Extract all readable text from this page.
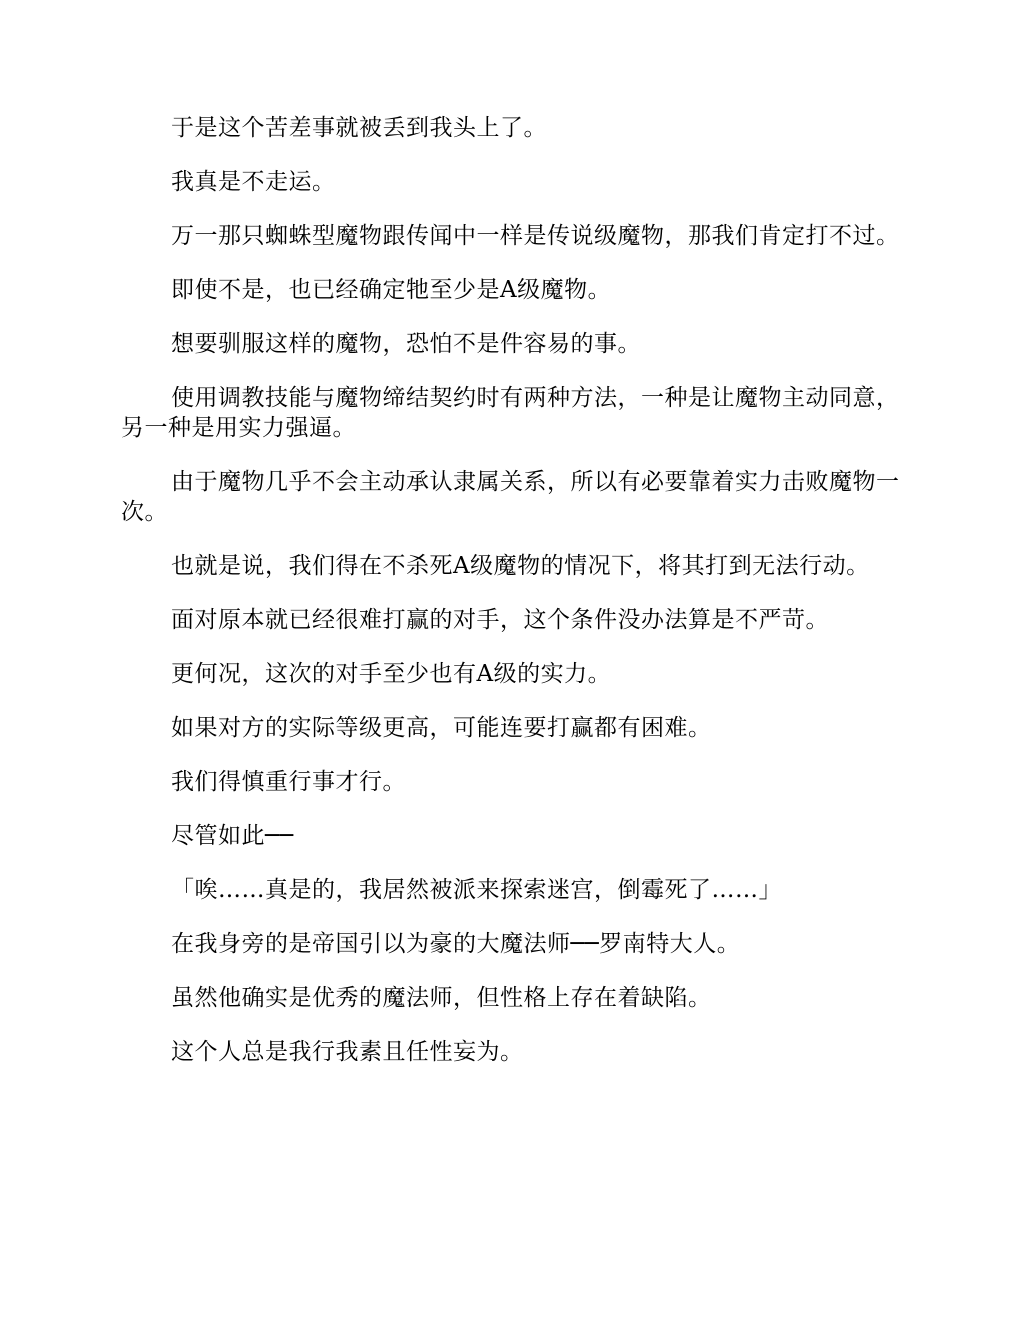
于是这个苦差事就被丢到我头上了。

我真是不走运。

万一那只蜘蛛型魔物跟传闻中一样是传说级魔物，那我们肯定打不过。

即使不是，也已经确定牠至少是A级魔物。

想要驯服这样的魔物，恐怕不是件容易的事。

使用调教技能与魔物缔结契约时有两种方法，一种是让魔物主动同意，另一种是用实力强逼。

由于魔物几乎不会主动承认隶属关系，所以有必要靠着实力击败魔物一次。

也就是说，我们得在不杀死A级魔物的情况下，将其打到无法行动。

面对原本就已经很难打赢的对手，这个条件没办法算是不严苛。

更何况，这次的对手至少也有A级的实力。

如果对方的实际等级更高，可能连要打赢都有困难。

我们得慎重行事才行。

尽管如此──

「唉……真是的，我居然被派来探索迷宫，倒霉死了……」

在我身旁的是帝国引以为豪的大魔法师──罗南特大人。

虽然他确实是优秀的魔法师，但性格上存在着缺陷。

这个人总是我行我素且任性妄为。
